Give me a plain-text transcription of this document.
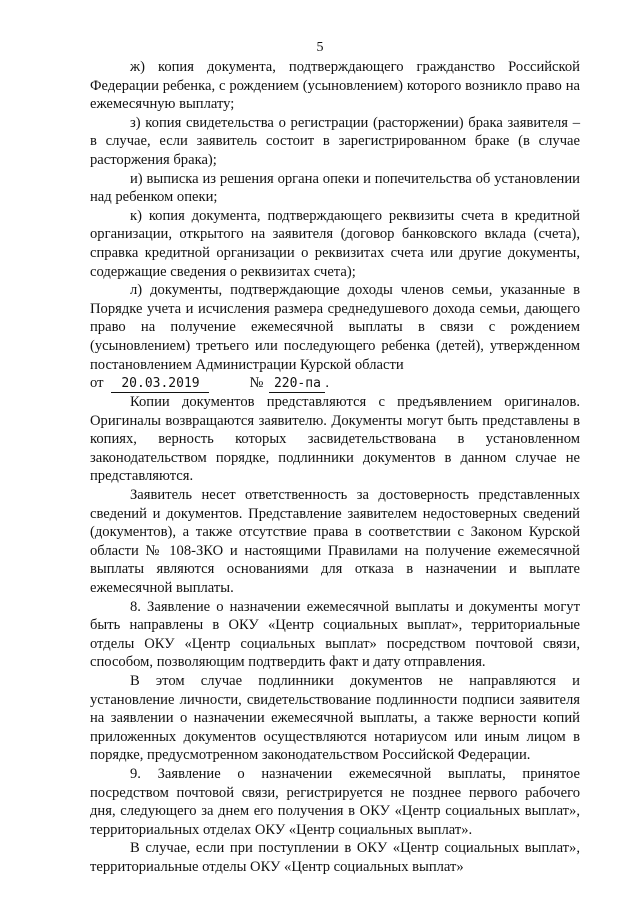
5

ж) копия документа, подтверждающего гражданство Российской Федерации ребенка, с рождением (усыновлением) которого возникло право на ежемесячную выплату;

з) копия свидетельства о регистрации (расторжении) брака заявителя – в случае, если заявитель состоит в зарегистрированном браке (в случае расторжения брака);

и) выписка из решения органа опеки и попечительства об установлении над ребенком опеки;

к) копия документа, подтверждающего реквизиты счета в кредитной организации, открытого на заявителя (договор банковского вклада (счета), справка кредитной организации о реквизитах счета или другие документы, содержащие сведения о реквизитах счета);

л) документы, подтверждающие доходы членов семьи, указанные в Порядке учета и исчисления размера среднедушевого дохода семьи, дающего право на получение ежемесячной выплаты в связи с рождением (усыновлением) третьего или последующего ребенка (детей), утвержденном постановлением Администрации Курской области

от	20.03.2019	№ 220-па .

Копии документов представляются с предъявлением оригиналов. Оригиналы возвращаются заявителю. Документы могут быть представлены в копиях, верность которых засвидетельствована в установленном законодательством порядке, подлинники документов в данном случае не представляются.

Заявитель несет ответственность за достоверность представленных сведений и документов. Представление заявителем недостоверных сведений (документов), а также отсутствие права в соответствии с Законом Курской области № 108-ЗКО и настоящими Правилами на получение ежемесячной выплаты являются основаниями для отказа в назначении и выплате ежемесячной выплаты.

8. Заявление о назначении ежемесячной выплаты и документы могут быть направлены в ОКУ «Центр социальных выплат», территориальные отделы ОКУ «Центр социальных выплат» посредством почтовой связи, способом, позволяющим подтвердить факт и дату отправления.

В этом случае подлинники документов не направляются и установление личности, свидетельствование подлинности подписи заявителя на заявлении о назначении ежемесячной выплаты, а также верности копий приложенных документов осуществляются нотариусом или иным лицом в порядке, предусмотренном законодательством Российской Федерации.

9. Заявление о назначении ежемесячной выплаты, принятое посредством почтовой связи, регистрируется не позднее первого рабочего дня, следующего за днем его получения в ОКУ «Центр социальных выплат», территориальных отделах ОКУ «Центр социальных выплат».

В случае, если при поступлении в ОКУ «Центр социальных выплат», территориальные отделы ОКУ «Центр социальных выплат»
